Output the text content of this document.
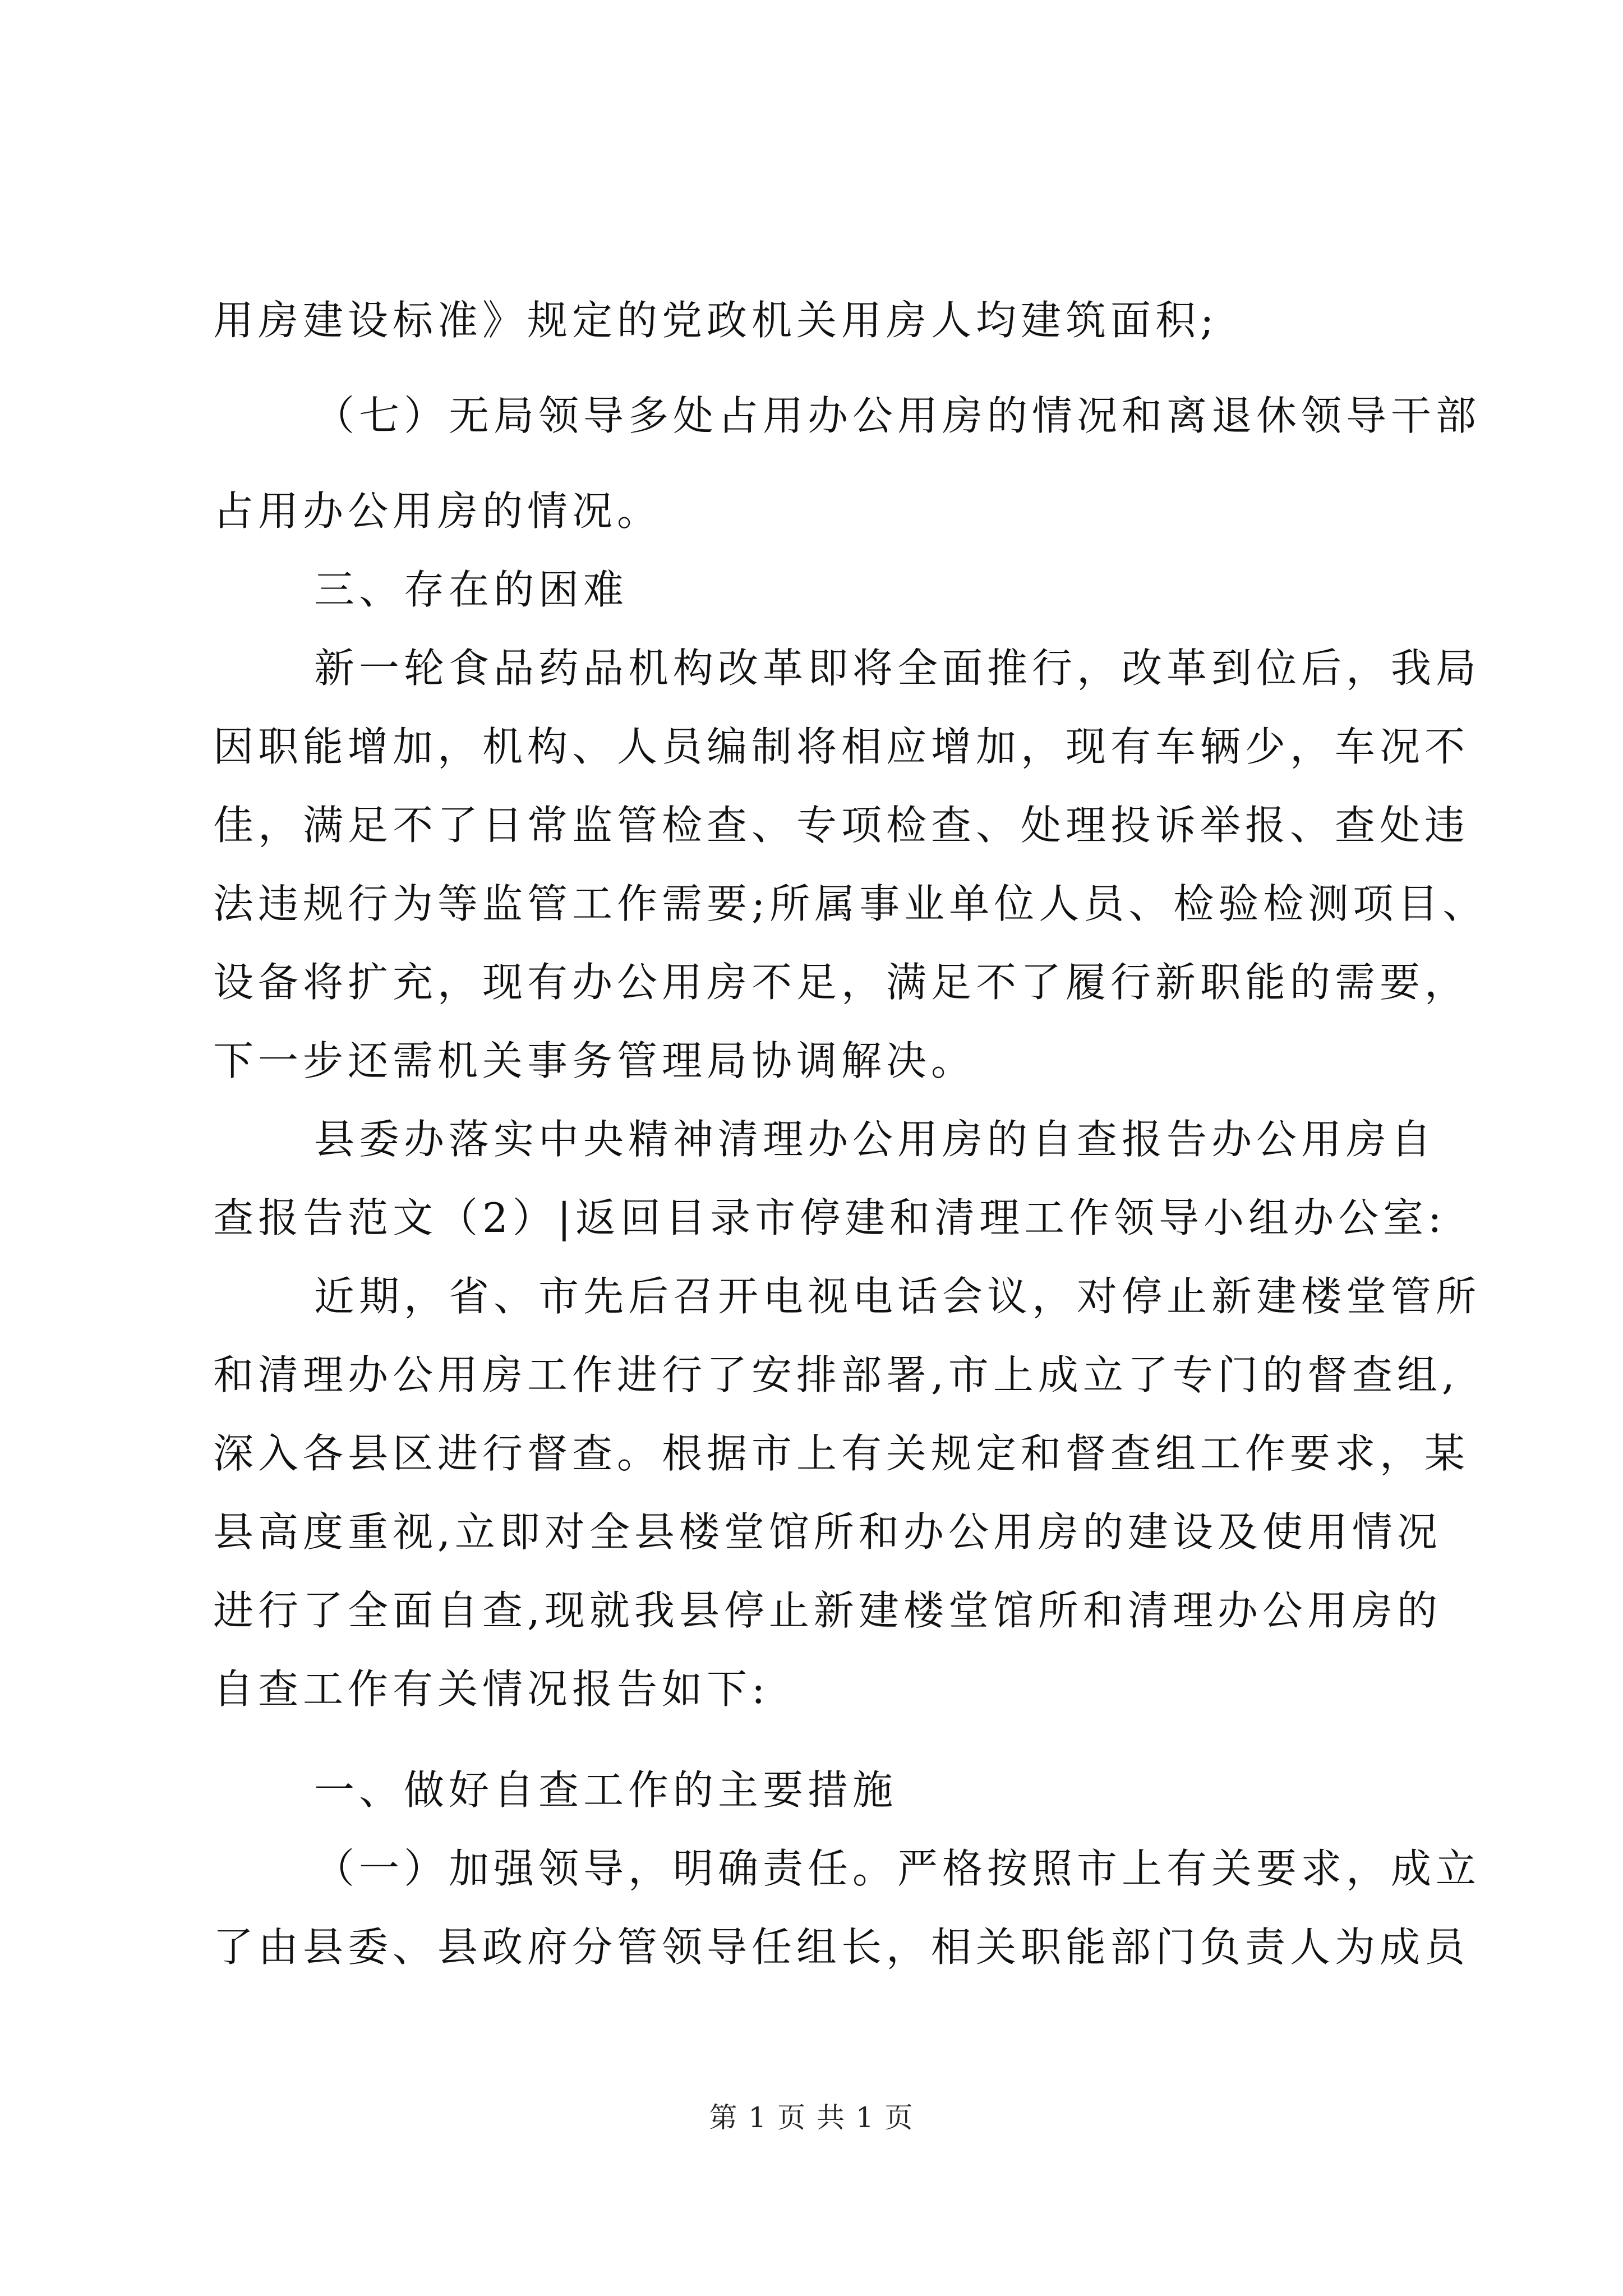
用房建设标准》规定的党政机关用房人均建筑面积;
（七）无局领导多处占用办公用房的情况和离退休领导干部
占用办公用房的情况。
三、存在的困难
新一轮食品药品机构改革即将全面推行，改革到位后，我局
因职能增加，机构、人员编制将相应增加，现有车辆少，车况不
佳，满足不了日常监管检查、专项检查、处理投诉举报、查处违
法违规行为等监管工作需要;所属事业单位人员、检验检测项目、
设备将扩充，现有办公用房不足，满足不了履行新职能的需要，
下一步还需机关事务管理局协调解决。
县委办落实中央精神清理办公用房的自查报告办公用房自
查报告范文（2）|返回目录市停建和清理工作领导小组办公室:
近期，省、市先后召开电视电话会议，对停止新建楼堂管所
和清理办公用房工作进行了安排部署,市上成立了专门的督查组,
深入各县区进行督查。根据市上有关规定和督查组工作要求，某
县高度重视,立即对全县楼堂馆所和办公用房的建设及使用情况
进行了全面自查,现就我县停止新建楼堂馆所和清理办公用房的
自查工作有关情况报告如下:
一、做好自查工作的主要措施
（一）加强领导，明确责任。严格按照市上有关要求，成立
了由县委、县政府分管领导任组长，相关职能部门负责人为成员
第 1 页 共 1 页
